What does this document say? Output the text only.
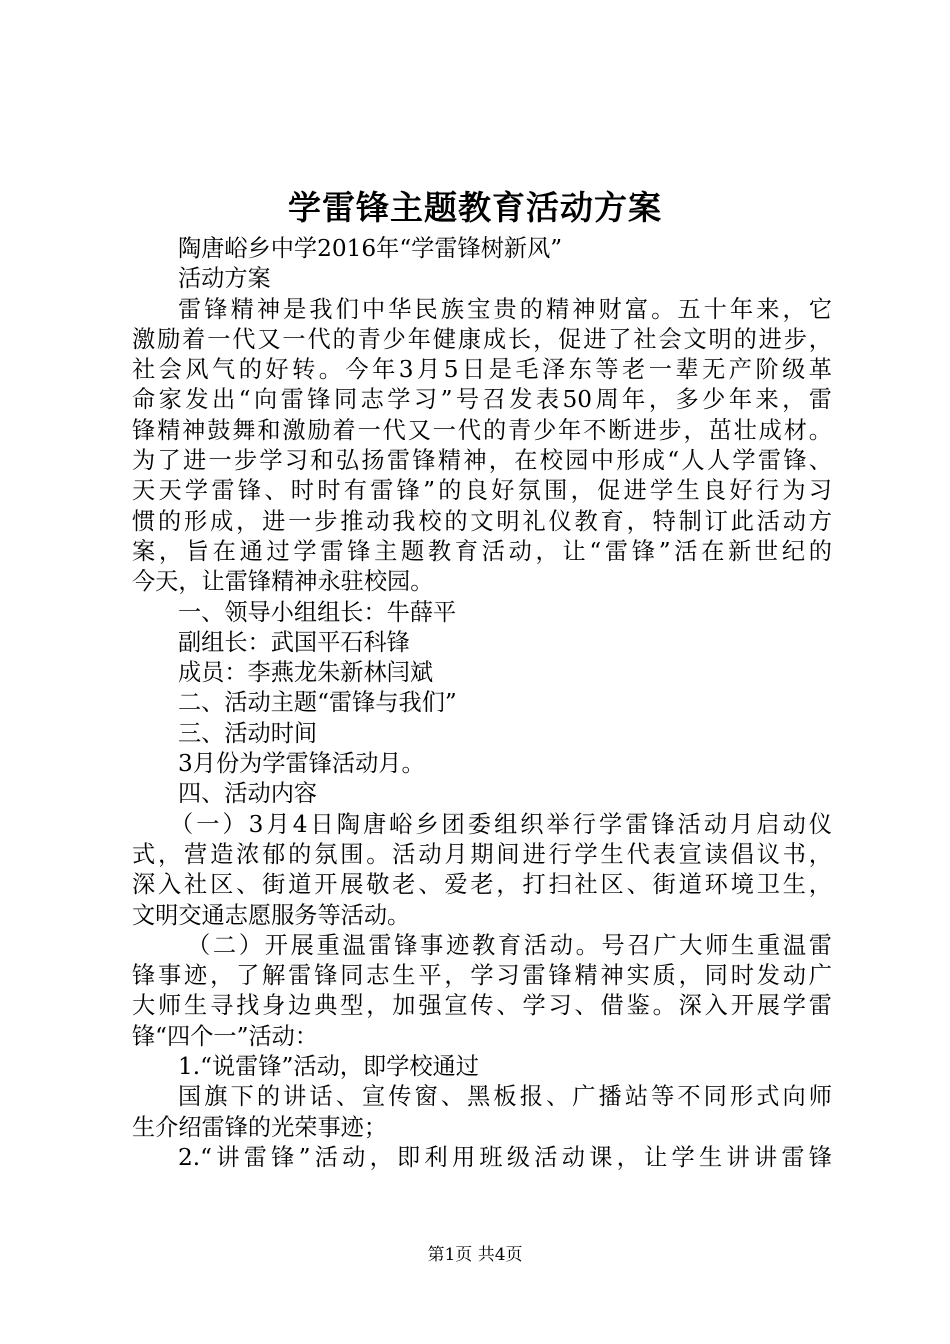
学雷锋主题教育活动方案
陶唐峪乡中学2016年“学雷锋树新风”
活动方案
雷锋精神是我们中华民族宝贵的精神财富。五十年来，它
激励着一代又一代的青少年健康成长，促进了社会文明的进步，
社会风气的好转。今年3月5日是毛泽东等老一辈无产阶级革
命家发出“向雷锋同志学习”号召发表50周年，多少年来，雷
锋精神鼓舞和激励着一代又一代的青少年不断进步，茁壮成材。
为了进一步学习和弘扬雷锋精神，在校园中形成“人人学雷锋、
天天学雷锋、时时有雷锋”的良好氛围，促进学生良好行为习
惯的形成，进一步推动我校的文明礼仪教育，特制订此活动方
案，旨在通过学雷锋主题教育活动，让“雷锋”活在新世纪的
今天，让雷锋精神永驻校园。
一、领导小组组长：牛薛平
副组长：武国平石科锋
成员：李燕龙朱新林闫斌
二、活动主题“雷锋与我们”
三、活动时间
3月份为学雷锋活动月。
四、活动内容
（一）3月4日陶唐峪乡团委组织举行学雷锋活动月启动仪
式，营造浓郁的氛围。活动月期间进行学生代表宣读倡议书，
深入社区、街道开展敬老、爱老，打扫社区、街道环境卫生，
文明交通志愿服务等活动。
（二）开展重温雷锋事迹教育活动。号召广大师生重温雷
锋事迹，了解雷锋同志生平，学习雷锋精神实质，同时发动广
大师生寻找身边典型，加强宣传、学习、借鉴。深入开展学雷
锋“四个一”活动：
1.“说雷锋”活动，即学校通过
国旗下的讲话、宣传窗、黑板报、广播站等不同形式向师
生介绍雷锋的光荣事迹；
2.“讲雷锋”活动，即利用班级活动课，让学生讲讲雷锋
第1页 共4页
